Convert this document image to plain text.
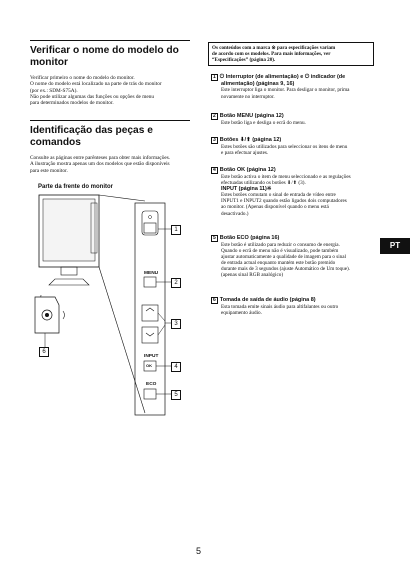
Verificar o nome do modelo do
monitor

Verificar primeiro o nome do modelo do monitor.
O nome do modelo está localizado na parte de trás do monitor
(por ex.: SDM-S75A).
Não pode utilizar algumas das funções ou opções de menu
para determinados modelos de monitor.

Identificação das peças e
comandos

Consulte as páginas entre parênteses para obter mais informações.
A ilustração mostra apenas um dos modelos que estão disponíveis
para este monitor.

Parte da frente do monitor

1
2
3
4
5
6
MENU
INPUT
OK
ECO
Os conteúdos com a marca ※ para especificações variam
de acordo com os modelos. Para mais informações, ver
“Especificações” (página 20).
1 ⏻ Interruptor (de alimentação) e ⏻ indicador (de
alimentação) (páginas 9, 16)
Este interruptor liga o monitor. Para desligar o monitor, prima
novamente no interruptor.
2 Botão MENU (página 12)
Este botão liga e desliga o ecrã do menu.
3 Botões ⬇/⬆ (página 12)
Estes botões são utilizados para seleccionar os itens de menu
e para efectuar ajustes.
4 Botão OK (página 12)
Este botão activa o item de menu seleccionado e as regulações
efectuadas utilizando os botões ⬇/⬆ (3).
INPUT (página 11)※
Estes botões comutam o sinal de entrada de vídeo entre
INPUT1 e INPUT2 quando estão ligados dois computadores
ao monitor. (Apenas disponível quando o menu está
desactivado.)
5 Botão ECO (página 16)
Este botão é utilizado para reduzir o consumo de energia.
Quando o ecrã de menu não é visualizado, pode também
ajustar automaticamente a qualidade de imagem para o sinal
de entrada actual enquanto mantém este botão premido
durante mais de 3 segundos (ajuste Automático de Um toque).
(apenas sinal RGB analógico)
6 Tomada de saída de áudio (página 8)
Esta tomada emite sinais áudio para altifalantes ou outro
equipamento áudio.
PT
5
